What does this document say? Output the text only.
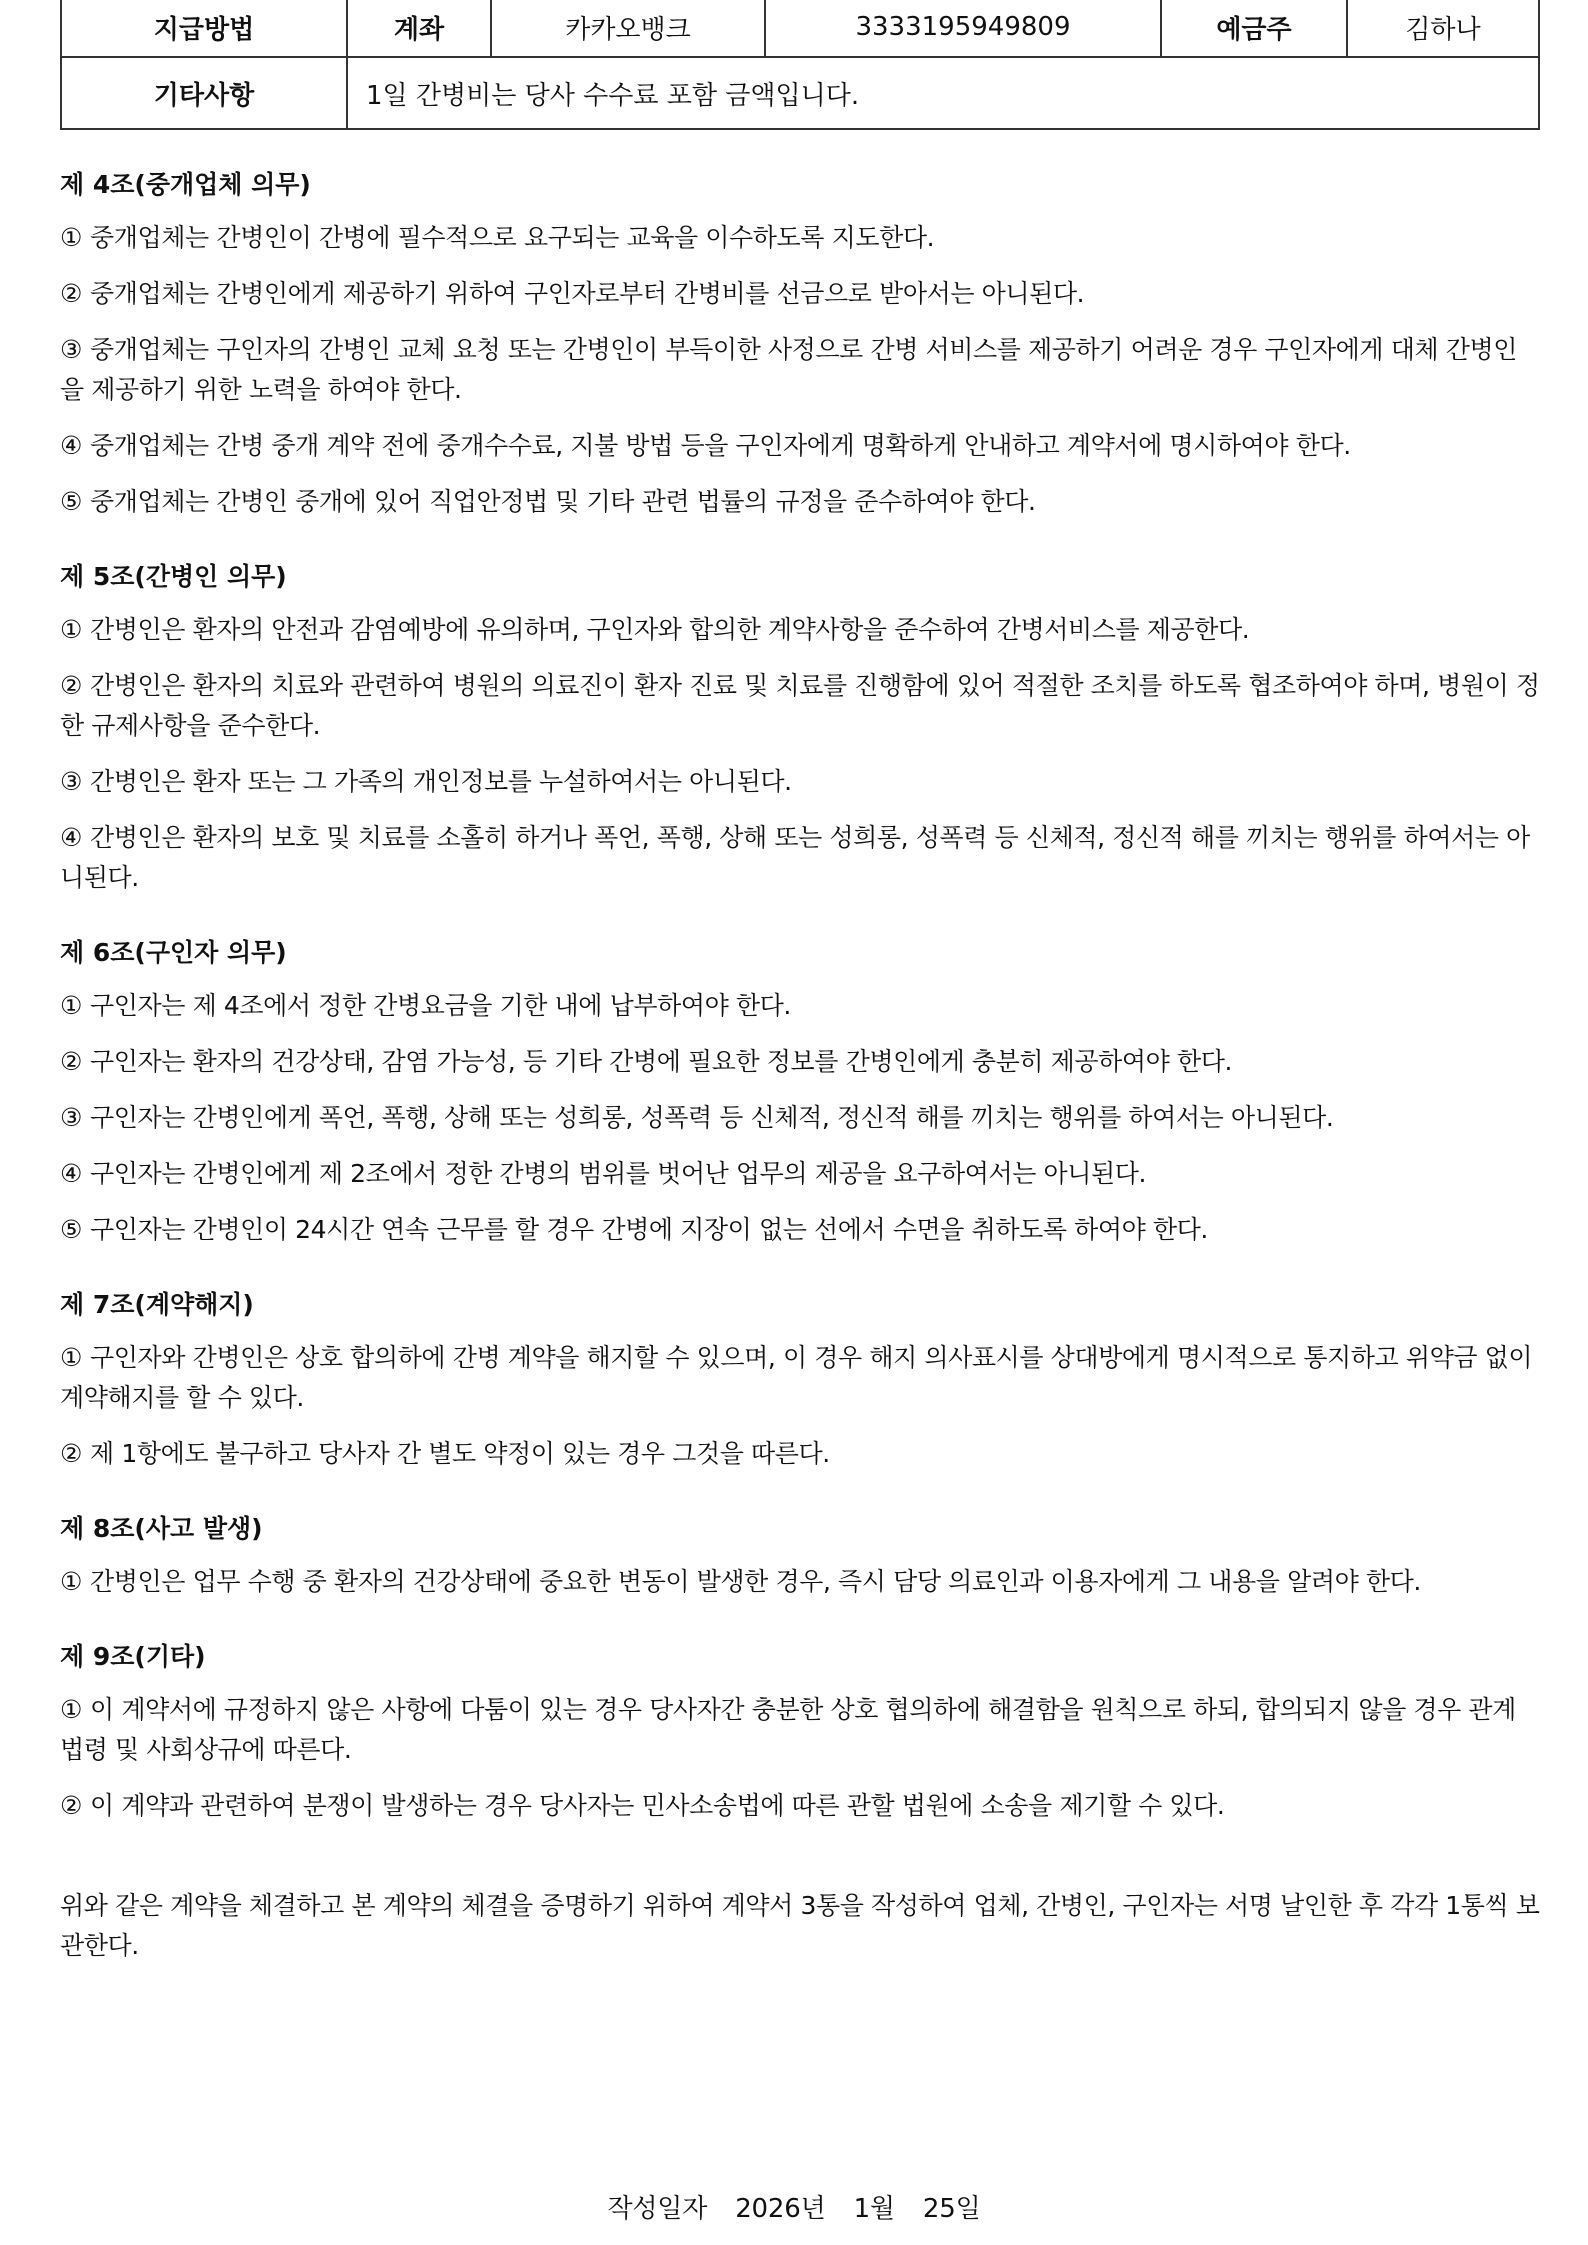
지급방법	계좌	카카오뱅크	3333195949809	예금주	김하나
기타사항	1일 간병비는 당사 수수료 포함 금액입니다.				
제 4조(중개업체 의무)
① 중개업체는 간병인이 간병에 필수적으로 요구되는 교육을 이수하도록 지도한다.
② 중개업체는 간병인에게 제공하기 위하여 구인자로부터 간병비를 선금으로 받아서는 아니된다.
③ 중개업체는 구인자의 간병인 교체 요청 또는 간병인이 부득이한 사정으로 간병 서비스를 제공하기 어려운 경우 구인자에게 대체 간병인을 제공하기 위한 노력을 하여야 한다.
④ 중개업체는 간병 중개 계약 전에 중개수수료, 지불 방법 등을 구인자에게 명확하게 안내하고 계약서에 명시하여야 한다.
⑤ 중개업체는 간병인 중개에 있어 직업안정법 및 기타 관련 법률의 규정을 준수하여야 한다.
제 5조(간병인 의무)
① 간병인은 환자의 안전과 감염예방에 유의하며, 구인자와 합의한 계약사항을 준수하여 간병서비스를 제공한다.
② 간병인은 환자의 치료와 관련하여 병원의 의료진이 환자 진료 및 치료를 진행함에 있어 적절한 조치를 하도록 협조하여야 하며, 병원이 정한 규제사항을 준수한다.
③ 간병인은 환자 또는 그 가족의 개인정보를 누설하여서는 아니된다.
④ 간병인은 환자의 보호 및 치료를 소홀히 하거나 폭언, 폭행, 상해 또는 성희롱, 성폭력 등 신체적, 정신적 해를 끼치는 행위를 하여서는 아니된다.
제 6조(구인자 의무)
① 구인자는 제 4조에서 정한 간병요금을 기한 내에 납부하여야 한다.
② 구인자는 환자의 건강상태, 감염 가능성, 등 기타 간병에 필요한 정보를 간병인에게 충분히 제공하여야 한다.
③ 구인자는 간병인에게 폭언, 폭행, 상해 또는 성희롱, 성폭력 등 신체적, 정신적 해를 끼치는 행위를 하여서는 아니된다.
④ 구인자는 간병인에게 제 2조에서 정한 간병의 범위를 벗어난 업무의 제공을 요구하여서는 아니된다.
⑤ 구인자는 간병인이 24시간 연속 근무를 할 경우 간병에 지장이 없는 선에서 수면을 취하도록 하여야 한다.
제 7조(계약해지)
① 구인자와 간병인은 상호 합의하에 간병 계약을 해지할 수 있으며, 이 경우 해지 의사표시를 상대방에게 명시적으로 통지하고 위약금 없이 계약해지를 할 수 있다.
② 제 1항에도 불구하고 당사자 간 별도 약정이 있는 경우 그것을 따른다.
제 8조(사고 발생)
① 간병인은 업무 수행 중 환자의 건강상태에 중요한 변동이 발생한 경우, 즉시 담당 의료인과 이용자에게 그 내용을 알려야 한다.
제 9조(기타)
① 이 계약서에 규정하지 않은 사항에 다툼이 있는 경우 당사자간 충분한 상호 협의하에 해결함을 원칙으로 하되, 합의되지 않을 경우 관계 법령 및 사회상규에 따른다.
② 이 계약과 관련하여 분쟁이 발생하는 경우 당사자는 민사소송법에 따른 관할 법원에 소송을 제기할 수 있다.
위와 같은 계약을 체결하고 본 계약의 체결을 증명하기 위하여 계약서 3통을 작성하여 업체, 간병인, 구인자는 서명 날인한 후 각각 1통씩 보관한다.
작성일자 2026년 1월 25일
